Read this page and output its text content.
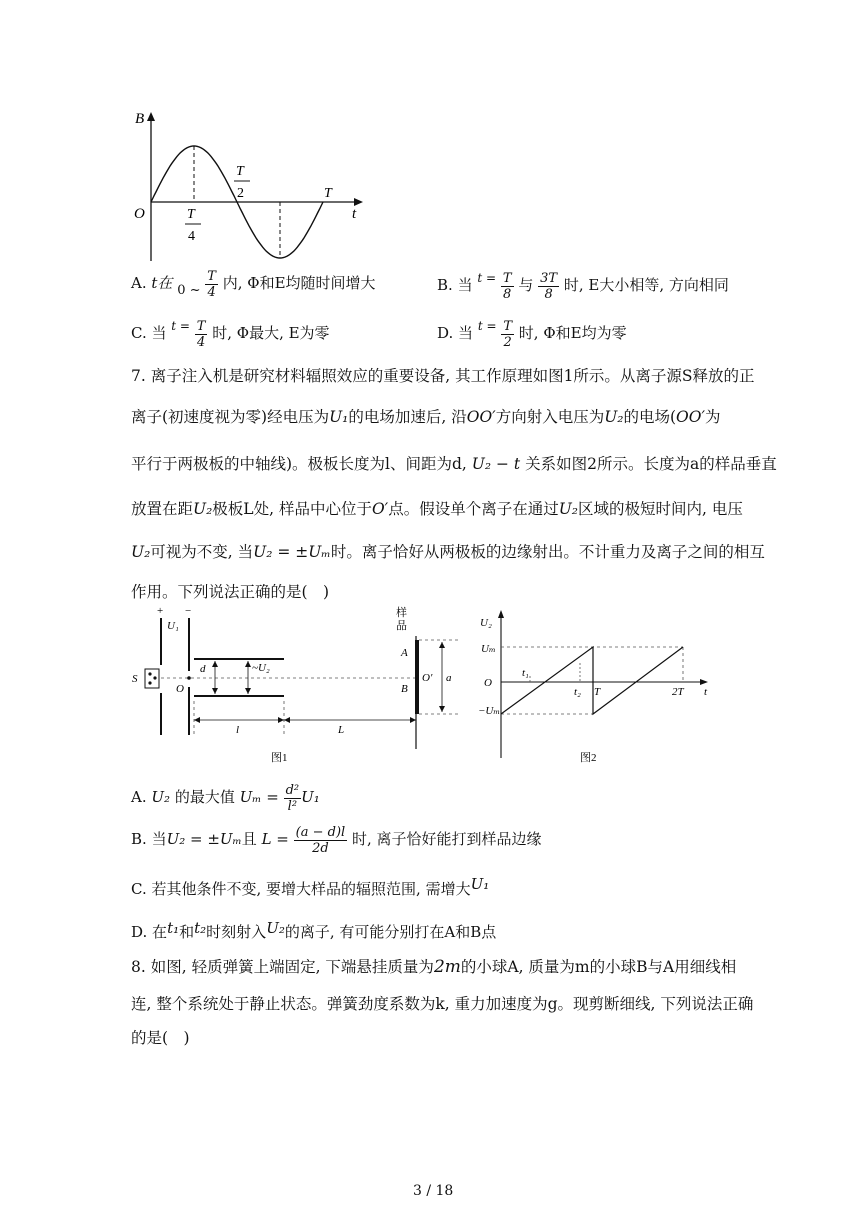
B
t
O	T
4
T
2	T
A. t在 0 ~ $\frac{T}{4}$ 内, Φ和E均随时间增大	B. 当 $^{t =} \frac{T}{8}$ 与 $\frac{3T}{8}$ 时, E大小相等, 方向相同
C. 当 $^{t =} \frac{T}{4}$ 时, Φ最大, E为零	D. 当 $^{t =} \frac{T}{2}$ 时, Φ和E均为零
7. 离子注入机是研究材料辐照效应的重要设备, 其工作原理如图1所示。从离子源S释放的正
离子(初速度视为零)经电压为U₁的电场加速后, 沿OO′方向射入电压为U₂的电场(OO′为
平行于两极板的中轴线)。极板长度为l、间距为d, U₂ − t 关系如图2所示。长度为a的样品垂直
放置在距U₂极板L处, 样品中心位于O′点。假设单个离子在通过U₂区域的极短时间内, 电压
U₂可视为不变, 当U₂ = ±Uₘ时。离子恰好从两极板的边缘射出。不计重力及离子之间的相互
作用。下列说法正确的是(　)
+ −
U₁
S
O
d	~U₂
l	L
样
品
A
B
O′ a
图1
U₂
Uₘ
O
−Uₘ
t₁
t₂ T	2T t
图2
A. U₂ 的最大值 $U_m = \frac{\text{d²}}{\text{l²}} U_1$
B. 当U₂ = ±Uₘ且 $L = \frac{(a - d)l}{2d}$ 时, 离子恰好能打到样品边缘
C. 若其他条件不变, 要增大样品的辐照范围, 需增大U₁
D. 在t₁和t₂时刻射入U₂的离子, 有可能分别打在A和B点
8. 如图, 轻质弹簧上端固定, 下端悬挂质量为2m的小球A, 质量为m的小球B与A用细线相
连, 整个系统处于静止状态。弹簧劲度系数为k, 重力加速度为g。现剪断细线, 下列说法正确
的是(　)
3 / 18
